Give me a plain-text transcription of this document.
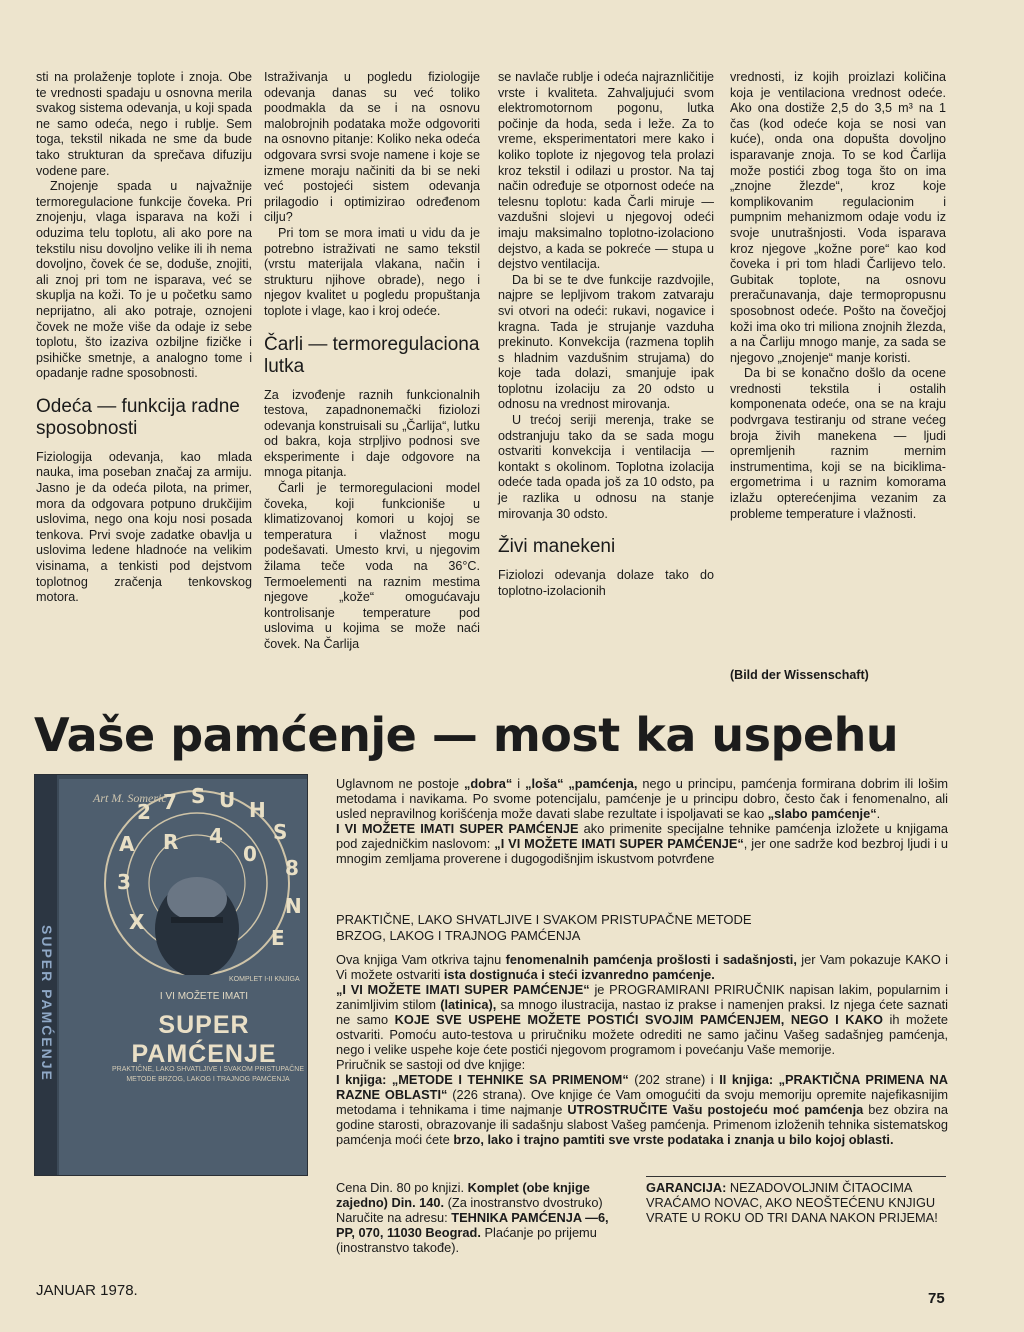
sti na prolaženje toplote i znoja. Obe te vrednosti spadaju u osnovna merila svakog sistema odevanja, u koji spada ne samo odeća, nego i rublje. Sem toga, tekstil nikada ne sme da bude tako strukturan da sprečava difuziju vodene pare.

Znojenje spada u najvažnije termoregulacione funkcije čoveka. Pri znojenju, vlaga isparava na koži i oduzima telu toplotu, ali ako pore na tekstilu nisu dovoljno velike ili ih nema dovoljno, čovek će se, doduše, znojiti, ali znoj pri tom ne isparava, već se skuplja na koži. To je u početku samo neprijatno, ali ako potraje, oznojeni čovek ne može više da odaje iz sebe toplotu, što izaziva ozbiljne fizičke i psihičke smetnje, a analogno tome i opadanje radne sposobnosti.

Odeća — funkcija radne sposobnosti

Fiziologija odevanja, kao mlada nauka, ima poseban značaj za armiju. Jasno je da odeća pilota, na primer, mora da odgovara potpuno drukčijim uslovima, nego ona koju nosi posada tenkova. Prvi svoje zadatke obavlja u uslovima ledene hladnoće na velikim visinama, a tenkisti pod dejstvom toplotnog zračenja tenkovskog motora.

Istraživanja u pogledu fiziologije odevanja danas su već toliko poodmakla da se i na osnovu malobrojnih podataka može odgovoriti na osnovno pitanje: Koliko neka odeća odgovara svrsi svoje namene i koje se izmene moraju načiniti da bi se neki već postojeći sistem odevanja prilagodio i optimizirao određenom cilju?

Pri tom se mora imati u vidu da je potrebno istraživati ne samo tekstil (vrstu materijala vlakana, način i strukturu njihove obrade), nego i njegov kvalitet u pogledu propuštanja toplote i vlage, kao i kroj odeće.

Čarli — termoregulaciona lutka

Za izvođenje raznih funkcionalnih testova, zapadnonemački fiziolozi odevanja konstruisali su „Čarlija“, lutku od bakra, koja strpljivo podnosi sve eksperimente i daje odgovore na mnoga pitanja.

Čarli je termoregulacioni model čoveka, koji funkcioniše u klimatizovanoj komori u kojoj se temperatura i vlažnost mogu podešavati. Umesto krvi, u njegovim žilama teče voda na 36°C. Termoelementi na raznim mestima njegove „kože“ omogućavaju kontrolisanje temperature pod uslovima u kojima se može naći čovek. Na Čarlija

se navlače rublje i odeća najraznličitije vrste i kvaliteta. Zahvaljujući svom elektromotornom pogonu, lutka počinje da hoda, seda i leže. Za to vreme, eksperimentatori mere kako i koliko toplote iz njegovog tela prolazi kroz tekstil i odilazi u prostor. Na taj način određuje se otpornost odeće na telesnu toplotu: kada Čarli miruje — vazdušni slojevi u njegovoj odeći imaju maksimalno toplotno-izolaciono dejstvo, a kada se pokreće — stupa u dejstvo ventilacija.

Da bi se te dve funkcije razdvojile, najpre se lepljivom trakom zatvaraju svi otvori na odeći: rukavi, nogavice i kragna. Tada je strujanje vazduha prekinuto. Konvekcija (razmena toplih s hladnim vazdušnim strujama) do koje tada dolazi, smanjuje ipak toplotnu izolaciju za 20 odsto u odnosu na vrednost mirovanja.

U trećoj seriji merenja, trake se odstranjuju tako da se sada mogu ostvariti konvekcija i ventilacija — kontakt s okolinom. Toplotna izolacija odeće tada opada još za 10 odsto, pa je razlika u odnosu na stanje mirovanja 30 odsto.

Živi manekeni

Fiziolozi odevanja dolaze tako do toplotno-izolacionih

vrednosti, iz kojih proizlazi količina koja je ventilaciona vrednost odeće. Ako ona dostiže 2,5 do 3,5 m³ na 1 čas (kod odeće koja se nosi van kuće), onda ona dopušta dovoljno isparavanje znoja. To se kod Čarlija može postići zbog toga što on ima „znojne žlezde“, kroz koje komplikovanim regulacionim i pumpnim mehanizmom odaje vodu iz svoje unutrašnjosti. Voda isparava kroz njegove „kožne pore“ kao kod čoveka i pri tom hladi Čarlijevo telo. Gubitak toplote, na osnovu preračunavanja, daje termopropusnu sposobnost odeće. Pošto na čovečjoj koži ima oko tri miliona znojnih žlezda, a na Čarliju mnogo manje, za sada se njegovo „znojenje“ manje koristi.

Da bi se konačno došlo da ocene vrednosti tekstila i ostalih komponenata odeće, ona se na kraju podvrgava testiranju od strane većeg broja živih manekena — ljudi opremljenih raznim mernim instrumentima, koji se na biciklima-ergometrima i u raznim komorama izlažu opterećenjima vezanim za probleme temperature i vlažnosti.

(Bild der Wissenschaft)
Vaše pamćenje — most ka uspehu
SUPER PAMĆENJE
2 7 S U H
S
A
8
3
N
X
E
R 4
0
Art M. Somerić
KOMPLET I-II KNJIGA
I VI MOŽETE IMATI
SUPER PAMĆENJE
PRAKTIČNE, LAKO SHVATLJIVE I SVAKOM PRISTUPAČNE METODE BRZOG, LAKOG I TRAJNOG PAMĆENJA
Uglavnom ne postoje „dobra“ i „loša“ „pamćenja, nego u principu, pamćenja formirana dobrim ili lošim metodama i navikama. Po svome potencijalu, pamćenje je u principu dobro, često čak i fenomenalno, ali usled nepravilnog korišćenja može davati slabe rezultate i ispoljavati se kao „slabo pamćenje“.
I VI MOŽETE IMATI SUPER PAMĆENJE ako primenite specijalne tehnike pamćenja izložete u knjigama pod zajedničkim naslovom: „I VI MOŽETE IMATI SUPER PAMĆENJE“, jer one sadrže kod bezbroj ljudi i u mnogim zemljama proverene i dugogodišnjim iskustvom potvrđene
PRAKTIČNE, LAKO SHVATLJIVE I SVAKOM PRISTUPAČNE METODE BRZOG, LAKOG I TRAJNOG PAMĆENJA
Ova knjiga Vam otkriva tajnu fenomenalnih pamćenja prošlosti i sadašnjosti, jer Vam pokazuje KAKO i Vi možete ostvariti ista dostignuća i steći izvanredno pamćenje.
„I VI MOŽETE IMATI SUPER PAMĆENJE“ je PROGRAMIRANI PRIRUČNIK napisan lakim, popularnim i zanimljivim stilom (latinica), sa mnogo ilustracija, nastao iz prakse i namenjen praksi. Iz njega ćete saznati ne samo KOJE SVE USPEHE MOŽETE POSTIĆI SVOJIM PAMĆENJEM, NEGO I KAKO ih možete ostvariti. Pomoću auto-testova u priručniku možete odrediti ne samo jačinu Vašeg sadašnjeg pamćenja, nego i velike uspehe koje ćete postići njegovom programom i povećanju Vaše memorije.
Priručnik se sastoji od dve knjige:
I knjiga: „METODE I TEHNIKE SA PRIMENOM“ (202 strane) i II knjiga: „PRAKTIČNA PRIMENA NA RAZNE OBLASTI“ (226 strana). Ove knjige će Vam omogućiti da svoju memoriju opremite najefikasnijim metodama i tehnikama i time najmanje UTROSTRUČITE Vašu postojeću moć pamćenja bez obzira na godine starosti, obrazovanje ili sadašnju slabost Vašeg pamćenja. Primenom izloženih tehnika sistematskog pamćenja moći ćete brzo, lako i trajno pamtiti sve vrste podataka i znanja u bilo kojoj oblasti.
Cena Din. 80 po knjizi. Komplet (obe knjige zajedno) Din. 140. (Za inostranstvo dvostruko)
Naručite na adresu: TEHNIKA PAMĆENJA —6, PP, 070, 11030 Beograd. Plaćanje po prijemu (inostranstvo takođe).
GARANCIJA: NEZADOVOLJNIM ČITAOCIMA VRAĆAMO NOVAC, AKO NEOŠTEĆENU KNJIGU VRATE U ROKU OD TRI DANA NAKON PRIJEMA!
JANUAR 1978.	75
